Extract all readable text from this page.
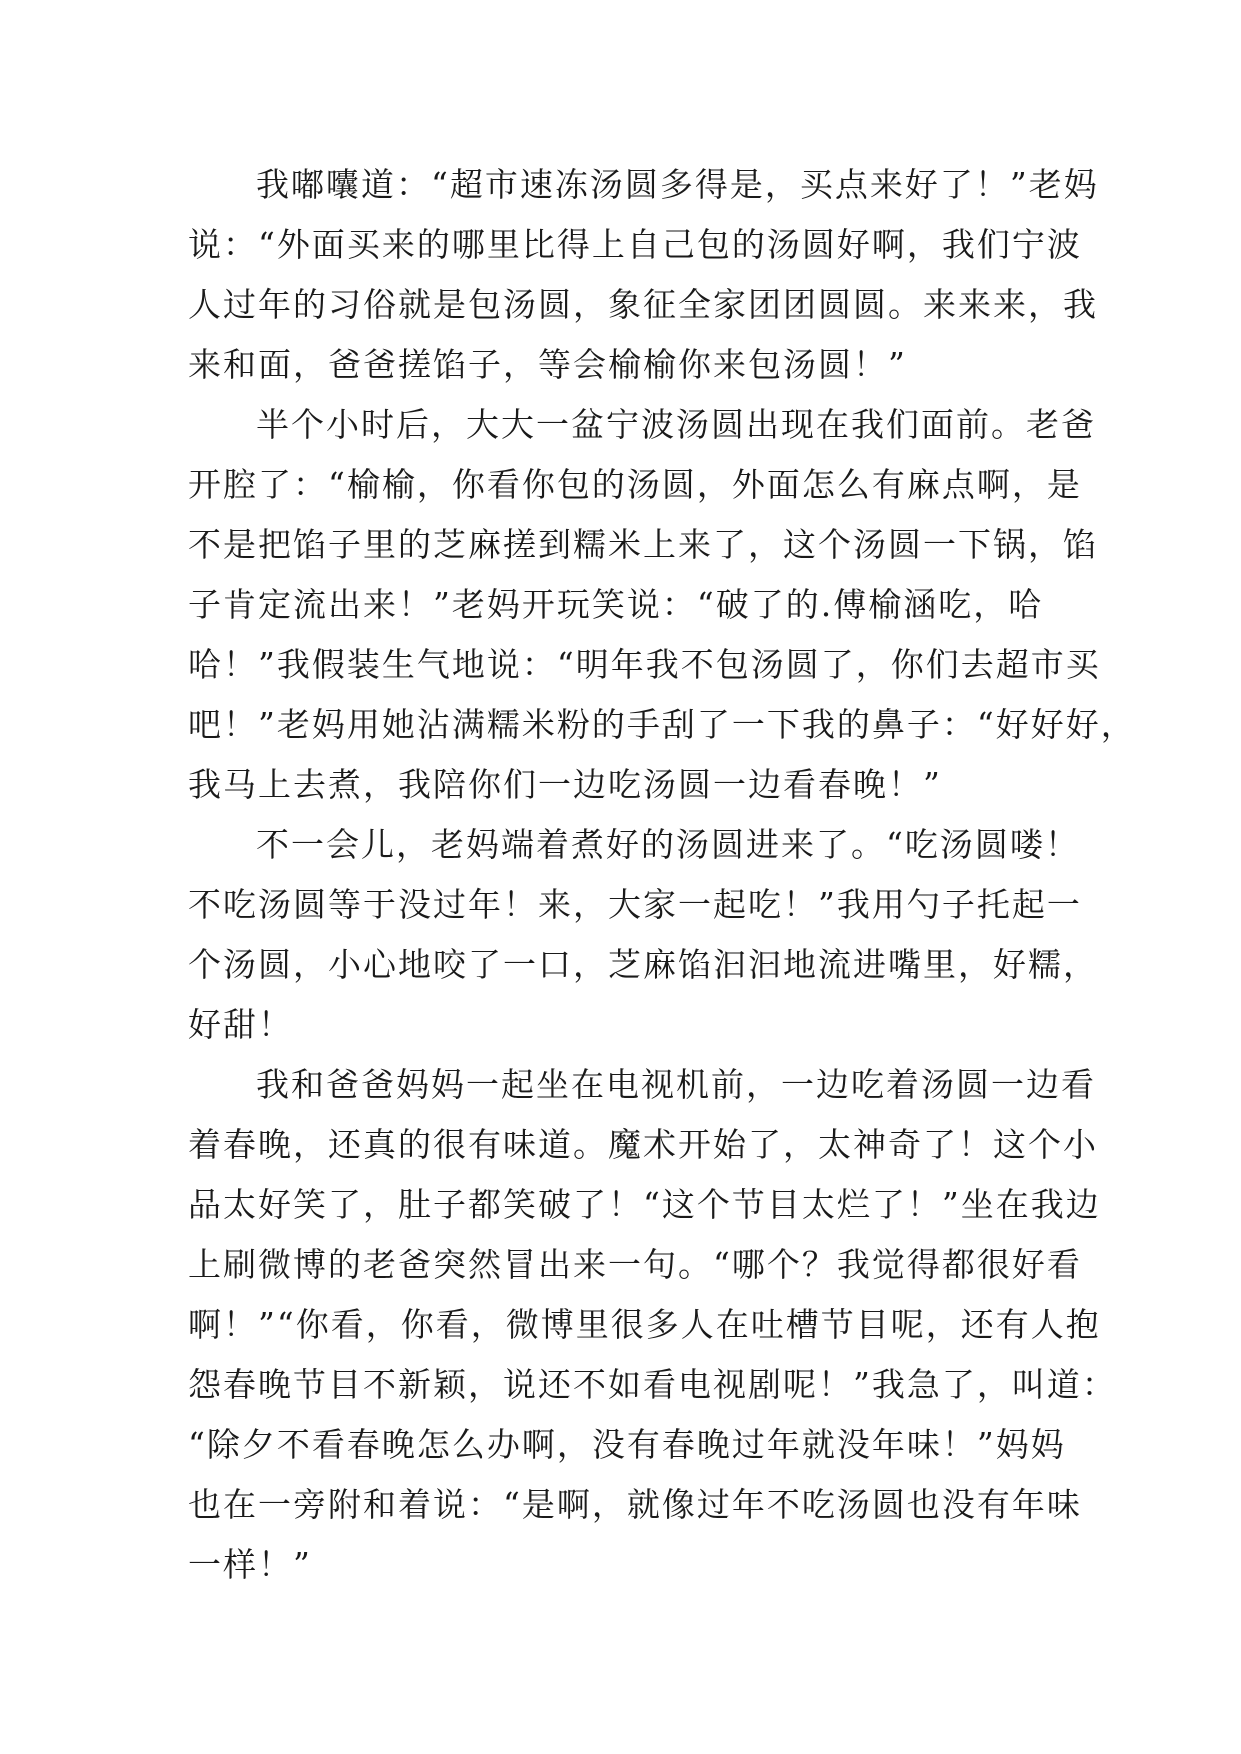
我嘟囔道：“超市速冻汤圆多得是，买点来好了！”老妈
说：“外面买来的哪里比得上自己包的汤圆好啊，我们宁波
人过年的习俗就是包汤圆，象征全家团团圆圆。来来来，我
来和面，爸爸搓馅子，等会榆榆你来包汤圆！”
半个小时后，大大一盆宁波汤圆出现在我们面前。老爸
开腔了：“榆榆，你看你包的汤圆，外面怎么有麻点啊，是
不是把馅子里的芝麻搓到糯米上来了，这个汤圆一下锅，馅
子肯定流出来！”老妈开玩笑说：“破了的.傅榆涵吃，哈
哈！”我假装生气地说：“明年我不包汤圆了，你们去超市买
吧！”老妈用她沾满糯米粉的手刮了一下我的鼻子：“好好好，
我马上去煮，我陪你们一边吃汤圆一边看春晚！”
不一会儿，老妈端着煮好的汤圆进来了。“吃汤圆喽！
不吃汤圆等于没过年！来，大家一起吃！”我用勺子托起一
个汤圆，小心地咬了一口，芝麻馅汩汩地流进嘴里，好糯，
好甜！
我和爸爸妈妈一起坐在电视机前，一边吃着汤圆一边看
着春晚，还真的很有味道。魔术开始了，太神奇了！这个小
品太好笑了，肚子都笑破了！“这个节目太烂了！”坐在我边
上刷微博的老爸突然冒出来一句。“哪个？我觉得都很好看
啊！”“你看，你看，微博里很多人在吐槽节目呢，还有人抱
怨春晚节目不新颖，说还不如看电视剧呢！”我急了，叫道：
“除夕不看春晚怎么办啊，没有春晚过年就没年味！”妈妈
也在一旁附和着说：“是啊，就像过年不吃汤圆也没有年味
一样！”
